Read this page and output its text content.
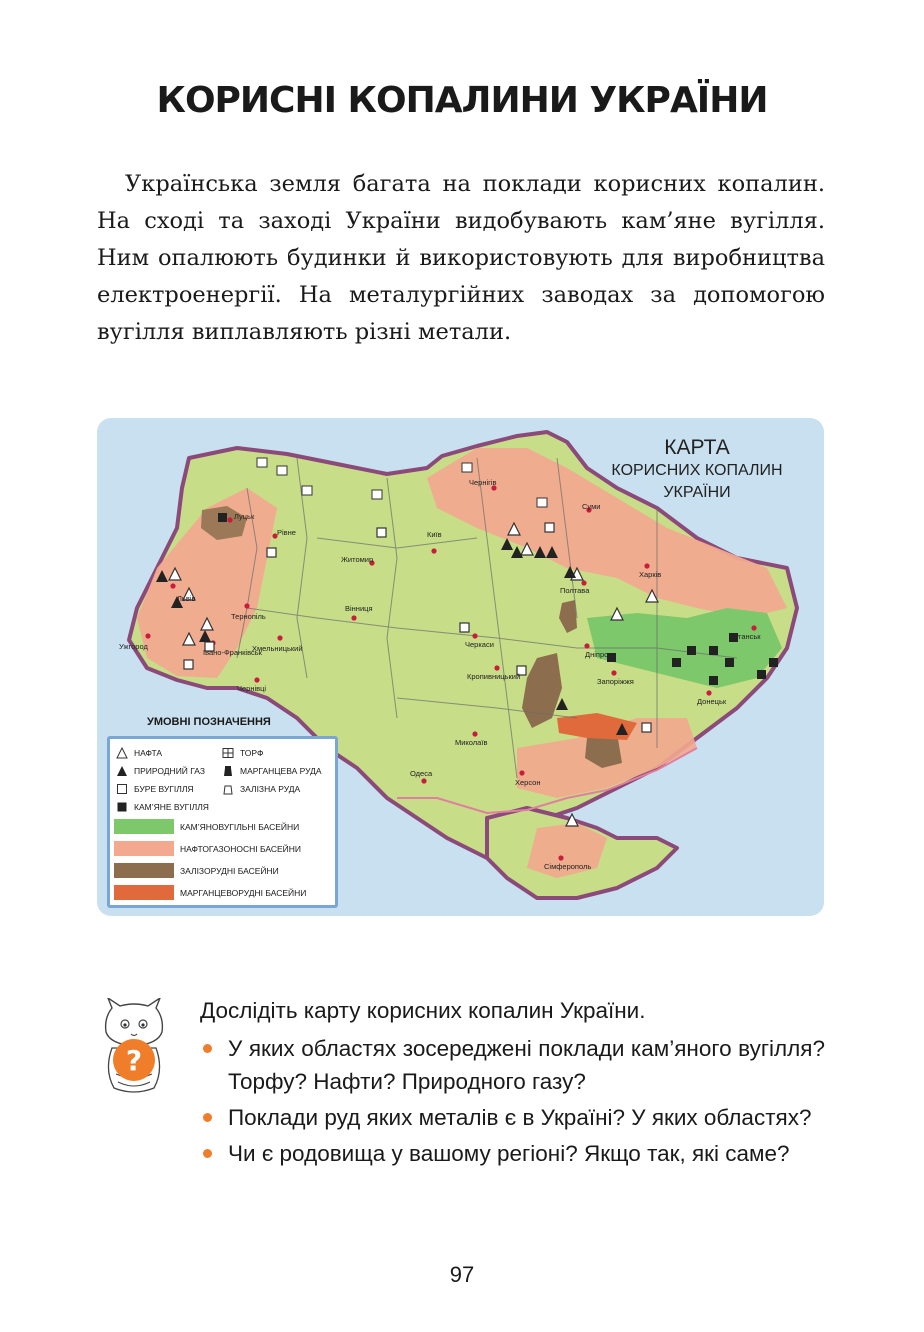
КОРИСНІ КОПАЛИНИ УКРАЇНИ

Українська земля багата на поклади корисних копалин. На сході та заході України видобувають кам’яне вугілля. Ним опалюють будинки й використовують для виробництва електроенергії. На металургійних заводах за допомогою вугілля виплавляють різні метали.

КАРТА
КОРИСНИХ КОПАЛИН
УКРАЇНИ
Луцьк
Рівне
Житомир
Київ
Чернігів
Суми
Львів
Тернопіль
Хмельницький
Вінниця
Черкаси
Полтава
Харків
Ужгород
Івано-Франківськ
Чернівці
Кропивницький
Дніпро
Луганськ
Донецьк
Запоріжжя
Миколаїв
Одеса
Херсон
Сімферополь
УМОВНІ ПОЗНАЧЕННЯ
НАФТА
ПРИРОДНИЙ ГАЗ
БУРЕ ВУГІЛЛЯ
КАМ’ЯНЕ ВУГІЛЛЯ
ТОРФ
МАРГАНЦЕВА РУДА
ЗАЛІЗНА РУДА
КАМ’ЯНОВУГІЛЬНІ БАСЕЙНИ
НАФТОГАЗОНОСНІ БАСЕЙНИ
ЗАЛІЗОРУДНІ БАСЕЙНИ
МАРГАНЦЕВОРУДНІ БАСЕЙНИ
?

Дослідіть карту корисних копалин України.

У яких областях зосереджені поклади кам’яного вугілля? Торфу? Нафти? Природного газу?
Поклади руд яких металів є в Україні? У яких областях?
Чи є родовища у вашому регіоні? Якщо так, які саме?
97
